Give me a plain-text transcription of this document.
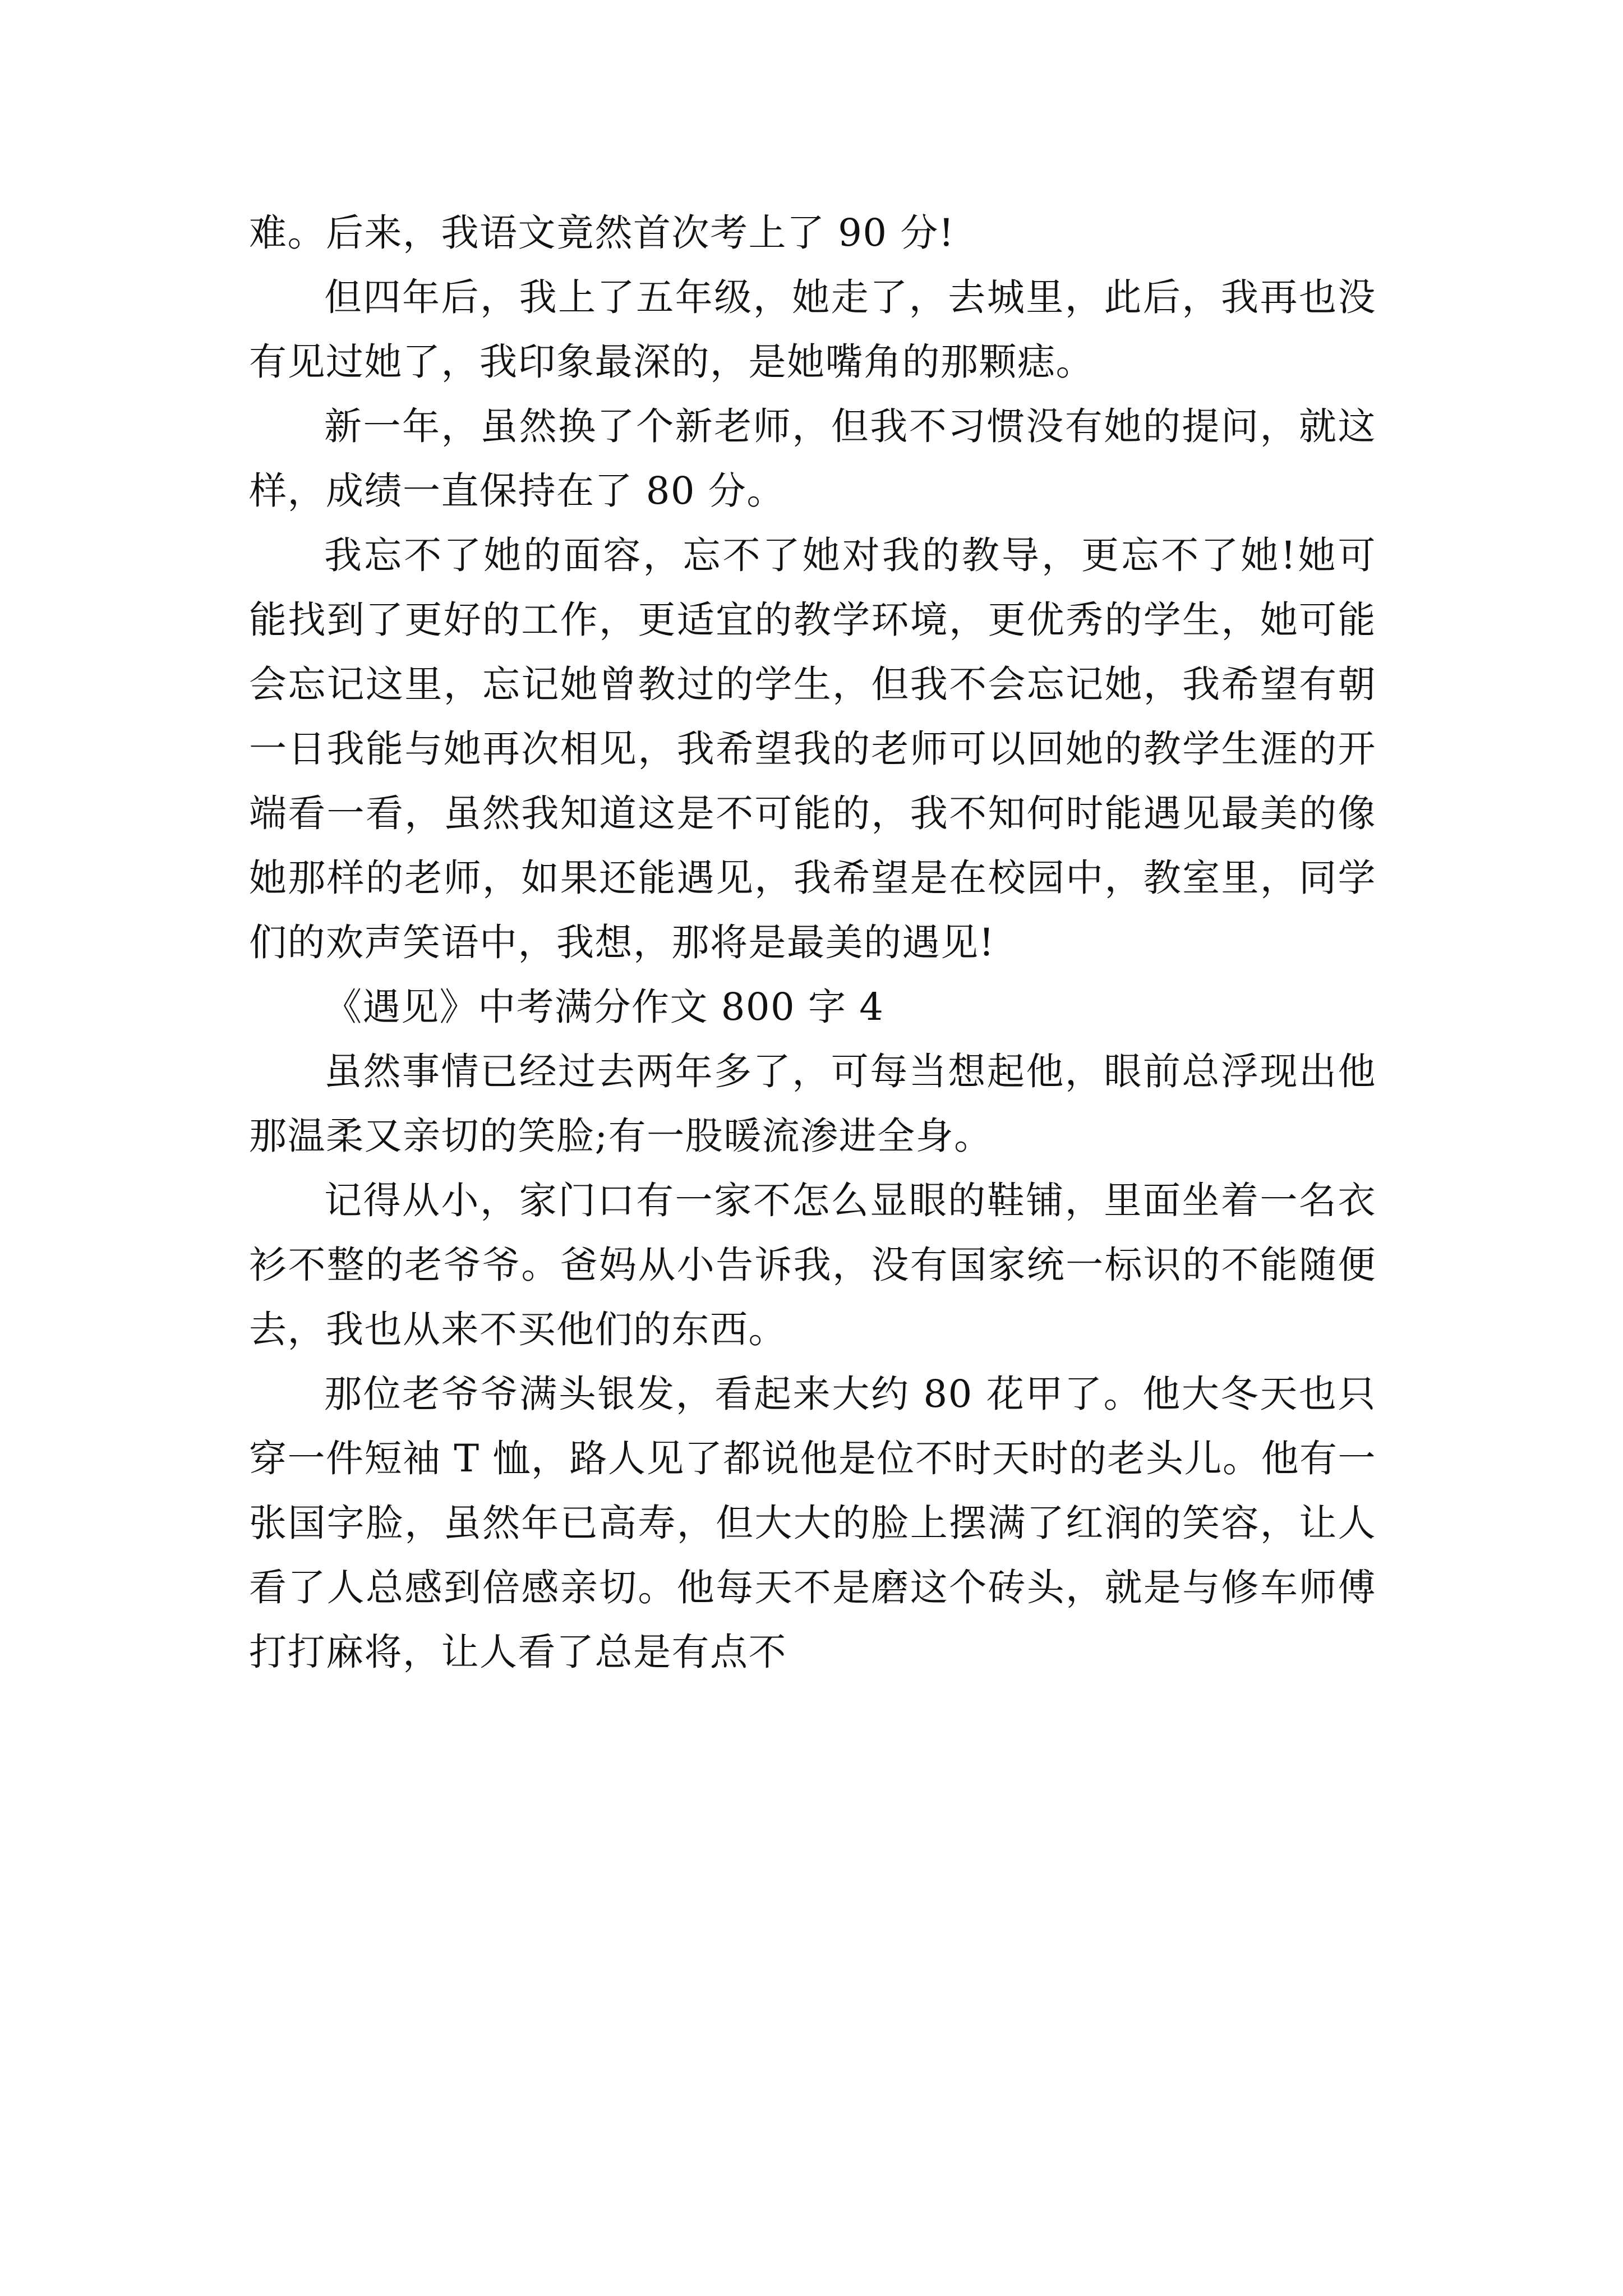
难。后来，我语文竟然首次考上了 90 分!

但四年后，我上了五年级，她走了，去城里，此后，我再也没有见过她了，我印象最深的，是她嘴角的那颗痣。

新一年，虽然换了个新老师，但我不习惯没有她的提问，就这样，成绩一直保持在了 80 分。

我忘不了她的面容，忘不了她对我的教导，更忘不了她!她可能找到了更好的工作，更适宜的教学环境，更优秀的学生，她可能会忘记这里，忘记她曾教过的学生，但我不会忘记她，我希望有朝一日我能与她再次相见，我希望我的老师可以回她的教学生涯的开端看一看，虽然我知道这是不可能的，我不知何时能遇见最美的像她那样的老师，如果还能遇见，我希望是在校园中，教室里，同学们的欢声笑语中，我想，那将是最美的遇见!

《遇见》中考满分作文 800 字 4

虽然事情已经过去两年多了，可每当想起他，眼前总浮现出他那温柔又亲切的笑脸;有一股暖流渗进全身。

记得从小，家门口有一家不怎么显眼的鞋铺，里面坐着一名衣衫不整的老爷爷。爸妈从小告诉我，没有国家统一标识的不能随便去，我也从来不买他们的东西。

那位老爷爷满头银发，看起来大约 80 花甲了。他大冬天也只穿一件短袖 T 恤，路人见了都说他是位不时天时的老头儿。他有一张国字脸，虽然年已高寿，但大大的脸上摆满了红润的笑容，让人看了人总感到倍感亲切。他每天不是磨这个砖头，就是与修车师傅打打麻将，让人看了总是有点不
